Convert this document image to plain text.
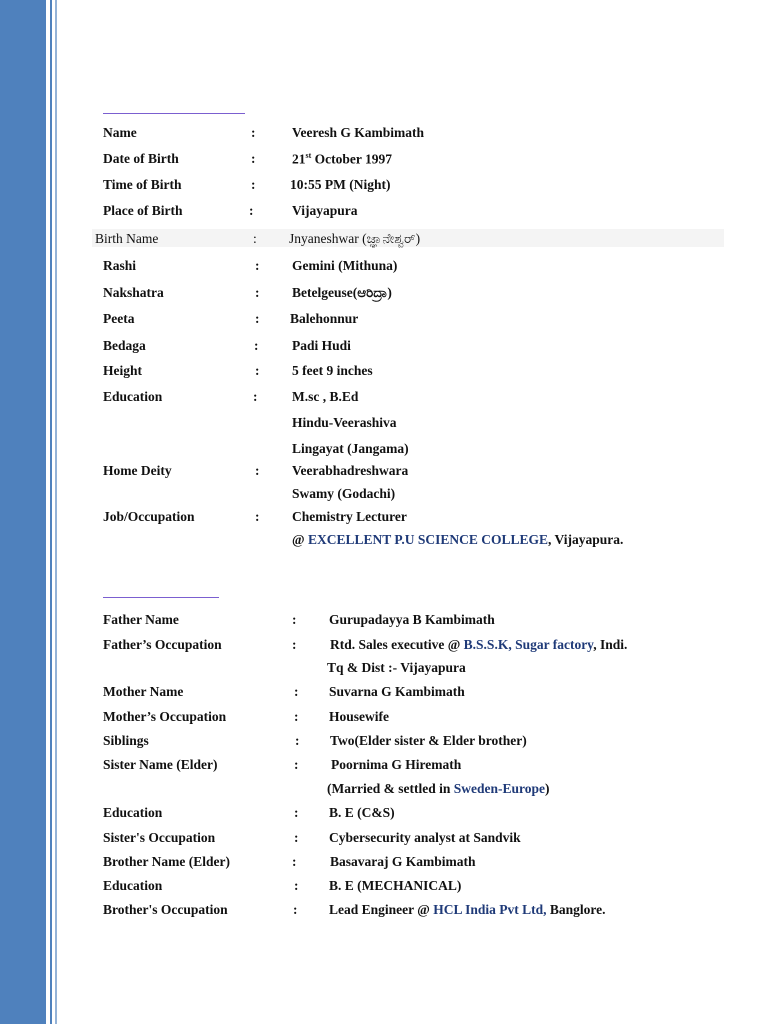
Name	:	Veeresh G Kambimath
Date of Birth	:	21st October 1997
Time of Birth	:	10:55 PM (Night)
Place of Birth	:	Vijayapura
Birth Name	: Jnyaneshwar (ಜ್ಞಾನೇಶ್ವರ್)
Rashi	: Gemini (Mithuna)
Nakshatra	: Betelgeuse(ಆರಿದ್ರಾ)
Peeta	: Balehonnur
Bedaga	: Padi Hudi
Height	: 5 feet 9 inches
Education	:	M.sc , B.Ed
Hindu-Veerashiva
Lingayat (Jangama)
Home Deity	: Veerabhadreshwara
Swamy (Godachi)
Job/Occupation	: Chemistry Lecturer
@ EXCELLENT P.U SCIENCE COLLEGE, Vijayapura.
Father Name	: Gurupadayya B Kambimath
Father’s Occupation	: Rtd. Sales executive @ B.S.S.K, Sugar factory, Indi.
Tq & Dist :- Vijayapura
Mother Name	: Suvarna G Kambimath
Mother’s Occupation	: Housewife
Siblings	: Two(Elder sister & Elder brother)
Sister Name (Elder)	: Poornima G Hiremath
(Married & settled in Sweden-Europe)
Education	: B. E (C&S)
Sister's Occupation	: Cybersecurity analyst at Sandvik
Brother Name (Elder)	: Basavaraj G Kambimath
Education	: B. E (MECHANICAL)
Brother's Occupation	: Lead Engineer @ HCL India Pvt Ltd, Banglore.
